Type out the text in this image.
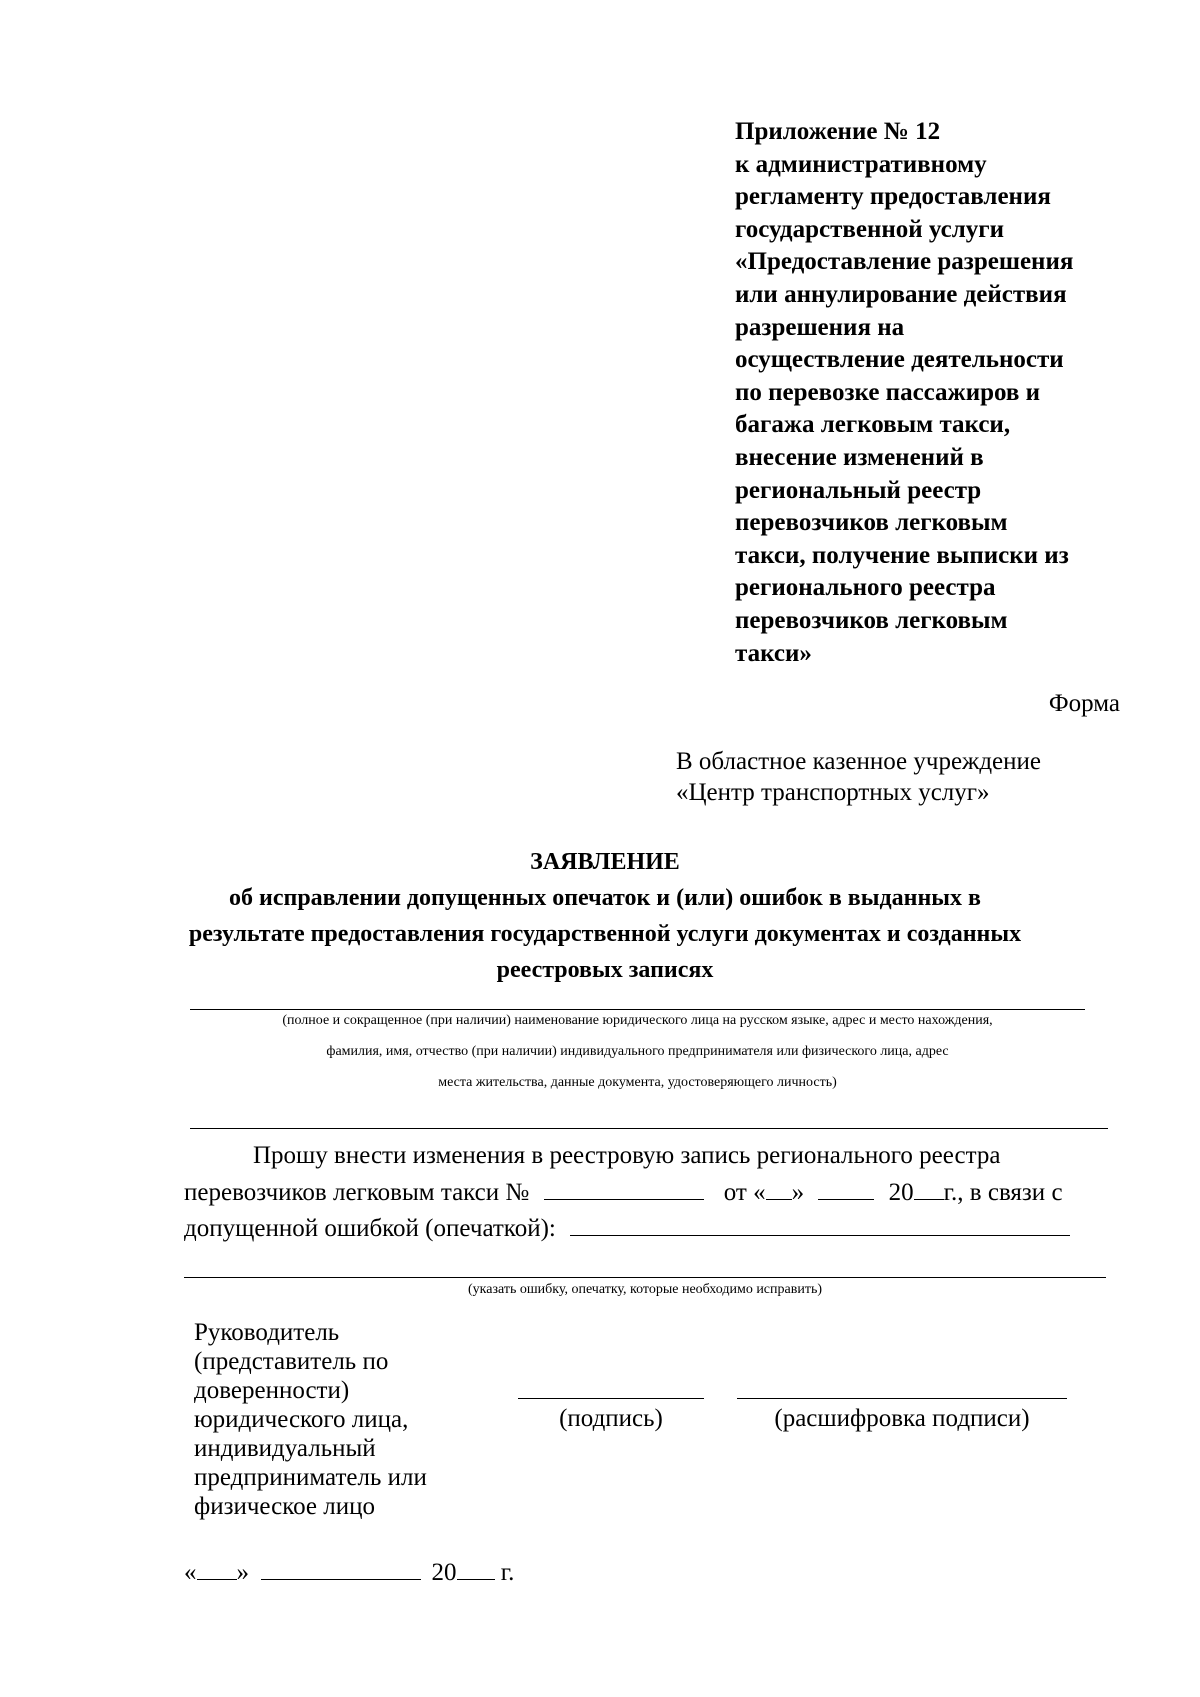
Приложение № 12
к административному
регламенту предоставления
государственной услуги
«Предоставление разрешения
или аннулирование действия
разрешения на
осуществление деятельности
по перевозке пассажиров и
багажа легковым такси,
внесение изменений в
региональный реестр
перевозчиков легковым
такси, получение выписки из
регионального реестра
перевозчиков легковым
такси»
Форма
В областное казенное учреждение
«Центр транспортных услуг»
ЗАЯВЛЕНИЕ
об исправлении допущенных опечаток и (или) ошибок в выданных в
результате предоставления государственной услуги документах и созданных
реестровых записях
(полное и сокращенное (при наличии) наименование юридического лица на русском языке, адрес и место нахождения,
фамилия, имя, отчество (при наличии) индивидуального предпринимателя или физического лица, адрес
места жительства, данные документа, удостоверяющего личность)
Прошу внести изменения в реестровую запись регионального реестра
перевозчиков легковым такси №	от « »	20 г., в связи с
допущенной ошибкой (опечаткой):
(указать ошибку, опечатку, которые необходимо исправить)
Руководитель
(представитель по
доверенности)
юридического лица,
индивидуальный
предприниматель или
физическое лицо
(подпись)	(расшифровка подписи)
« »	20 г.
